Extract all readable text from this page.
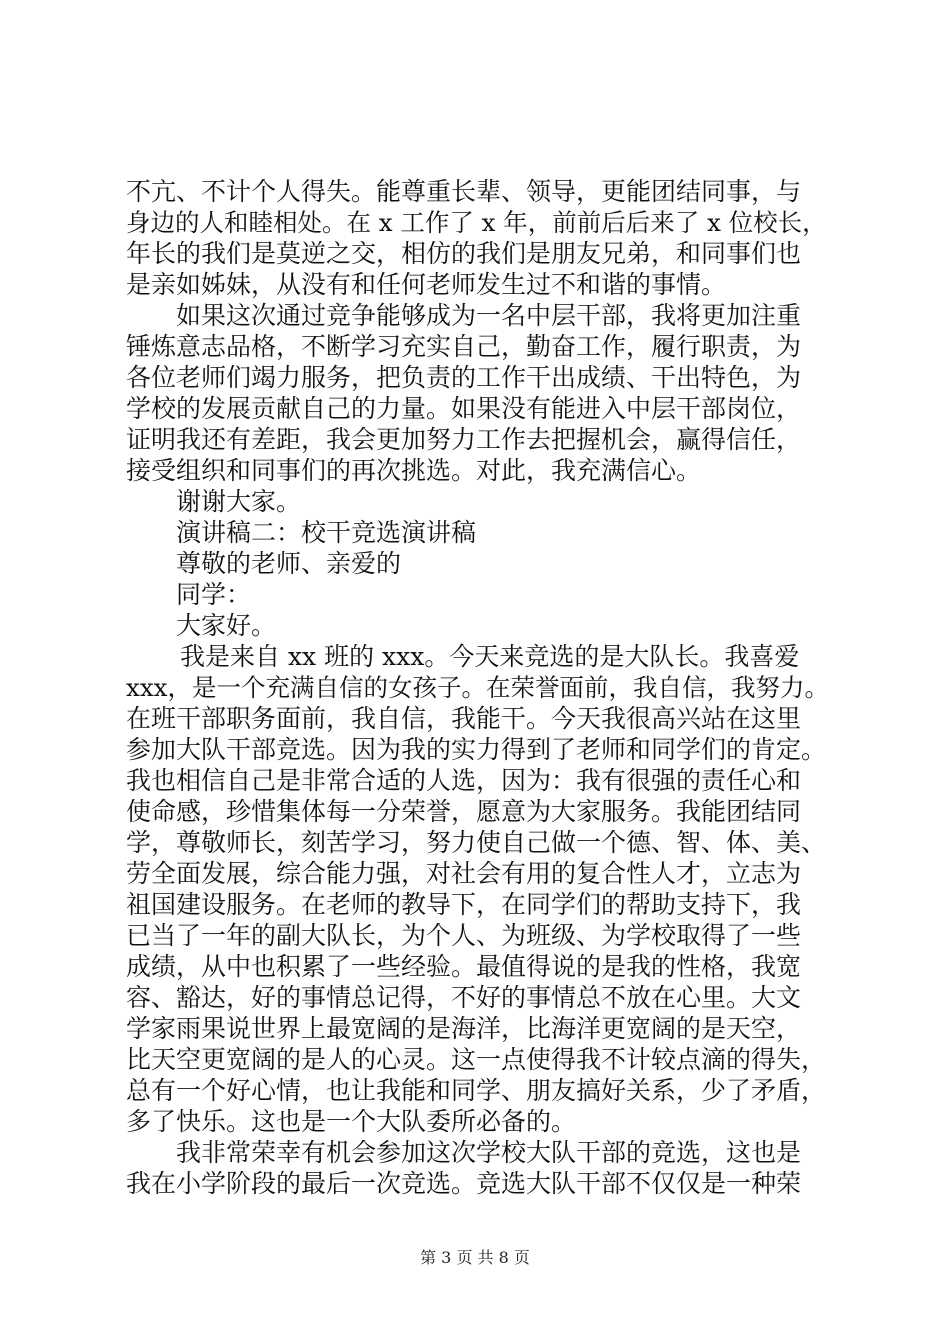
不亢、不计个人得失。能尊重长辈、领导，更能团结同事，与
身边的人和睦相处。在 x 工作了 x 年，前前后后来了 x 位校长，
年长的我们是莫逆之交，相仿的我们是朋友兄弟，和同事们也
是亲如姊妹，从没有和任何老师发生过不和谐的事情。
如果这次通过竞争能够成为一名中层干部，我将更加注重
锤炼意志品格，不断学习充实自己，勤奋工作，履行职责，为
各位老师们竭力服务，把负责的工作干出成绩、干出特色，为
学校的发展贡献自己的力量。如果没有能进入中层干部岗位，
证明我还有差距，我会更加努力工作去把握机会，赢得信任，
接受组织和同事们的再次挑选。对此，我充满信心。
谢谢大家。
演讲稿二：校干竞选演讲稿
尊敬的老师、亲爱的
同学：
大家好。
我是来自 xx 班的 xxx。今天来竞选的是大队长。我喜爱
xxx，是一个充满自信的女孩子。在荣誉面前，我自信，我努力。
在班干部职务面前，我自信，我能干。今天我很高兴站在这里
参加大队干部竞选。因为我的实力得到了老师和同学们的肯定。
我也相信自己是非常合适的人选，因为：我有很强的责任心和
使命感，珍惜集体每一分荣誉，愿意为大家服务。我能团结同
学，尊敬师长，刻苦学习，努力使自己做一个德、智、体、美、
劳全面发展，综合能力强，对社会有用的复合性人才，立志为
祖国建设服务。在老师的教导下，在同学们的帮助支持下，我
已当了一年的副大队长，为个人、为班级、为学校取得了一些
成绩，从中也积累了一些经验。最值得说的是我的性格，我宽
容、豁达，好的事情总记得，不好的事情总不放在心里。大文
学家雨果说世界上最宽阔的是海洋，比海洋更宽阔的是天空，
比天空更宽阔的是人的心灵。这一点使得我不计较点滴的得失，
总有一个好心情，也让我能和同学、朋友搞好关系，少了矛盾，
多了快乐。这也是一个大队委所必备的。
我非常荣幸有机会参加这次学校大队干部的竞选，这也是
我在小学阶段的最后一次竞选。竞选大队干部不仅仅是一种荣
第 3 页 共 8 页
